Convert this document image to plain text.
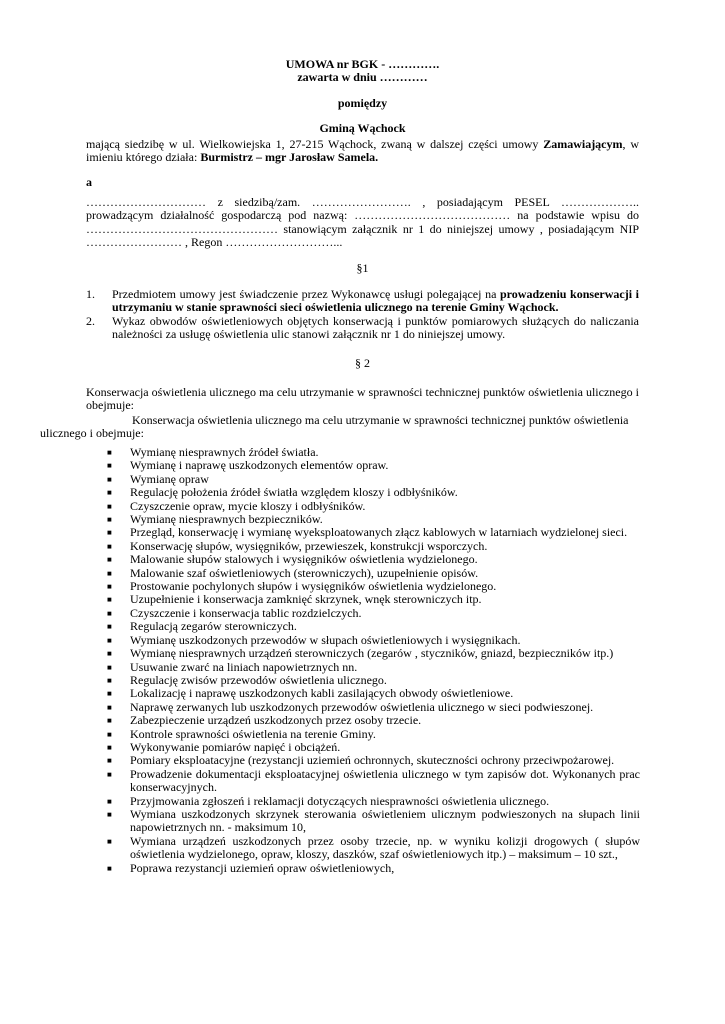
UMOWA nr BGK - ………….
zawarta w dniu …………
pomiędzy
Gminą Wąchock
mającą siedzibę w ul. Wielkowiejska 1, 27-215 Wąchock, zwaną w dalszej części umowy Zamawiającym, w imieniu którego działa: Burmistrz – mgr Jarosław Samela.
a
………………………… z siedzibą/zam. ……………………. , posiadającym PESEL ……………….. prowadzącym działalność gospodarczą pod nazwą: ………………………………… na podstawie wpisu do ………………………………………… stanowiącym załącznik nr 1 do niniejszej umowy , posiadającym NIP …………………… , Regon ………………………...
§1
1. Przedmiotem umowy jest świadczenie przez Wykonawcę usługi polegającej na prowadzeniu konserwacji i utrzymaniu w stanie sprawności sieci oświetlenia ulicznego na terenie Gminy Wąchock.
2. Wykaz obwodów oświetleniowych objętych konserwacją i punktów pomiarowych służących do naliczania należności za usługę oświetlenia ulic stanowi załącznik nr 1 do niniejszej umowy.
§ 2
Konserwacja oświetlenia ulicznego ma celu utrzymanie w sprawności technicznej punktów oświetlenia ulicznego i obejmuje:
Konserwacja oświetlenia ulicznego ma celu utrzymanie w sprawności technicznej punktów oświetlenia
ulicznego i obejmuje:
■ Wymianę niesprawnych źródeł światła.
■ Wymianę i naprawę uszkodzonych elementów opraw.
■ Wymianę opraw
■ Regulację położenia źródeł światła względem kloszy i odbłyśników.
■ Czyszczenie opraw, mycie kloszy i odbłyśników.
■ Wymianę niesprawnych bezpieczników.
■ Przegląd, konserwację i wymianę wyeksploatowanych złącz kablowych w latarniach wydzielonej sieci.
■ Konserwację słupów, wysięgników, przewieszek, konstrukcji wsporczych.
■ Malowanie słupów stalowych i wysięgników oświetlenia wydzielonego.
■ Malowanie szaf oświetleniowych (sterowniczych), uzupełnienie opisów.
■ Prostowanie pochylonych słupów i wysięgników oświetlenia wydzielonego.
■ Uzupełnienie i konserwacja zamknięć skrzynek, wnęk sterowniczych itp.
■ Czyszczenie i konserwacja tablic rozdzielczych.
■ Regulacją zegarów sterowniczych.
■ Wymianę uszkodzonych przewodów w słupach oświetleniowych i wysięgnikach.
■ Wymianę niesprawnych urządzeń sterowniczych (zegarów , styczników, gniazd, bezpieczników itp.)
■ Usuwanie zwarć na liniach napowietrznych nn.
■ Regulację zwisów przewodów oświetlenia ulicznego.
■ Lokalizację i naprawę uszkodzonych kabli zasilających obwody oświetleniowe.
■ Naprawę zerwanych lub uszkodzonych przewodów oświetlenia ulicznego w sieci podwieszonej.
■ Zabezpieczenie urządzeń uszkodzonych przez osoby trzecie.
■ Kontrole sprawności oświetlenia na terenie Gminy.
■ Wykonywanie pomiarów napięć i obciążeń.
■ Pomiary eksploatacyjne (rezystancji uziemień ochronnych, skuteczności ochrony przeciwpożarowej.
■ Prowadzenie dokumentacji eksploatacyjnej oświetlenia ulicznego w tym zapisów dot. Wykonanych prac konserwacyjnych.
■ Przyjmowania zgłoszeń i reklamacji dotyczących niesprawności oświetlenia ulicznego.
■ Wymiana uszkodzonych skrzynek sterowania oświetleniem ulicznym podwieszonych na słupach linii napowietrznych nn. - maksimum 10,
■ Wymiana urządzeń uszkodzonych przez osoby trzecie, np. w wyniku kolizji drogowych ( słupów oświetlenia wydzielonego, opraw, kloszy, daszków, szaf oświetleniowych itp.) – maksimum – 10 szt.,
■ Poprawa rezystancji uziemień opraw oświetleniowych,
